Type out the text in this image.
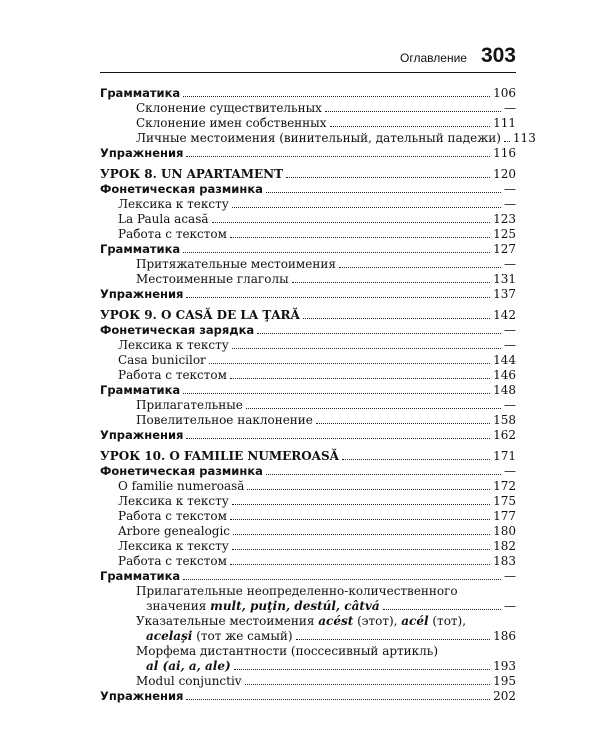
Оглавление 303
Грамматика	106
Склонение существительных	—
Склонение имен собственных	111
Личные местоимения (винительный, дательный падежи) 113
Упражнения	116
УРОК 8. UN APARTAMENT	120
Фонетическая разминка	—
Лексика к тексту	—
La Paula acasă	123
Работа с текстом	125
Грамматика	127
Притяжательные местоимения	—
Местоименные глаголы	131
Упражнения	137
УРОК 9. O CASĂ DE LA ŢARĂ	142
Фонетическая зарядка	—
Лексика к тексту	—
Casa bunicilor	144
Работа с текстом	146
Грамматика	148
Прилагательные	—
Повелительное наклонение	158
Упражнения	162
УРОК 10. O FAMILIE NUMEROASĂ	171
Фонетическая разминка	—
O familie numeroasă	172
Лексика к тексту	175
Работа с текстом	177
Arbore genealogic	180
Лексика к тексту	182
Работа с текстом	183
Грамматика	—
Прилагательные неопределенно-количественного
значения mult, puţin, destúl, câtvá	—
Указательные местоимения acést (этот), acél (тот),
acelaşi (тот же самый)	186
Морфема дистантности (поссесивный артикль)
al (ai, a, ale)	193
Modul conjunctiv	195
Упражнения	202
